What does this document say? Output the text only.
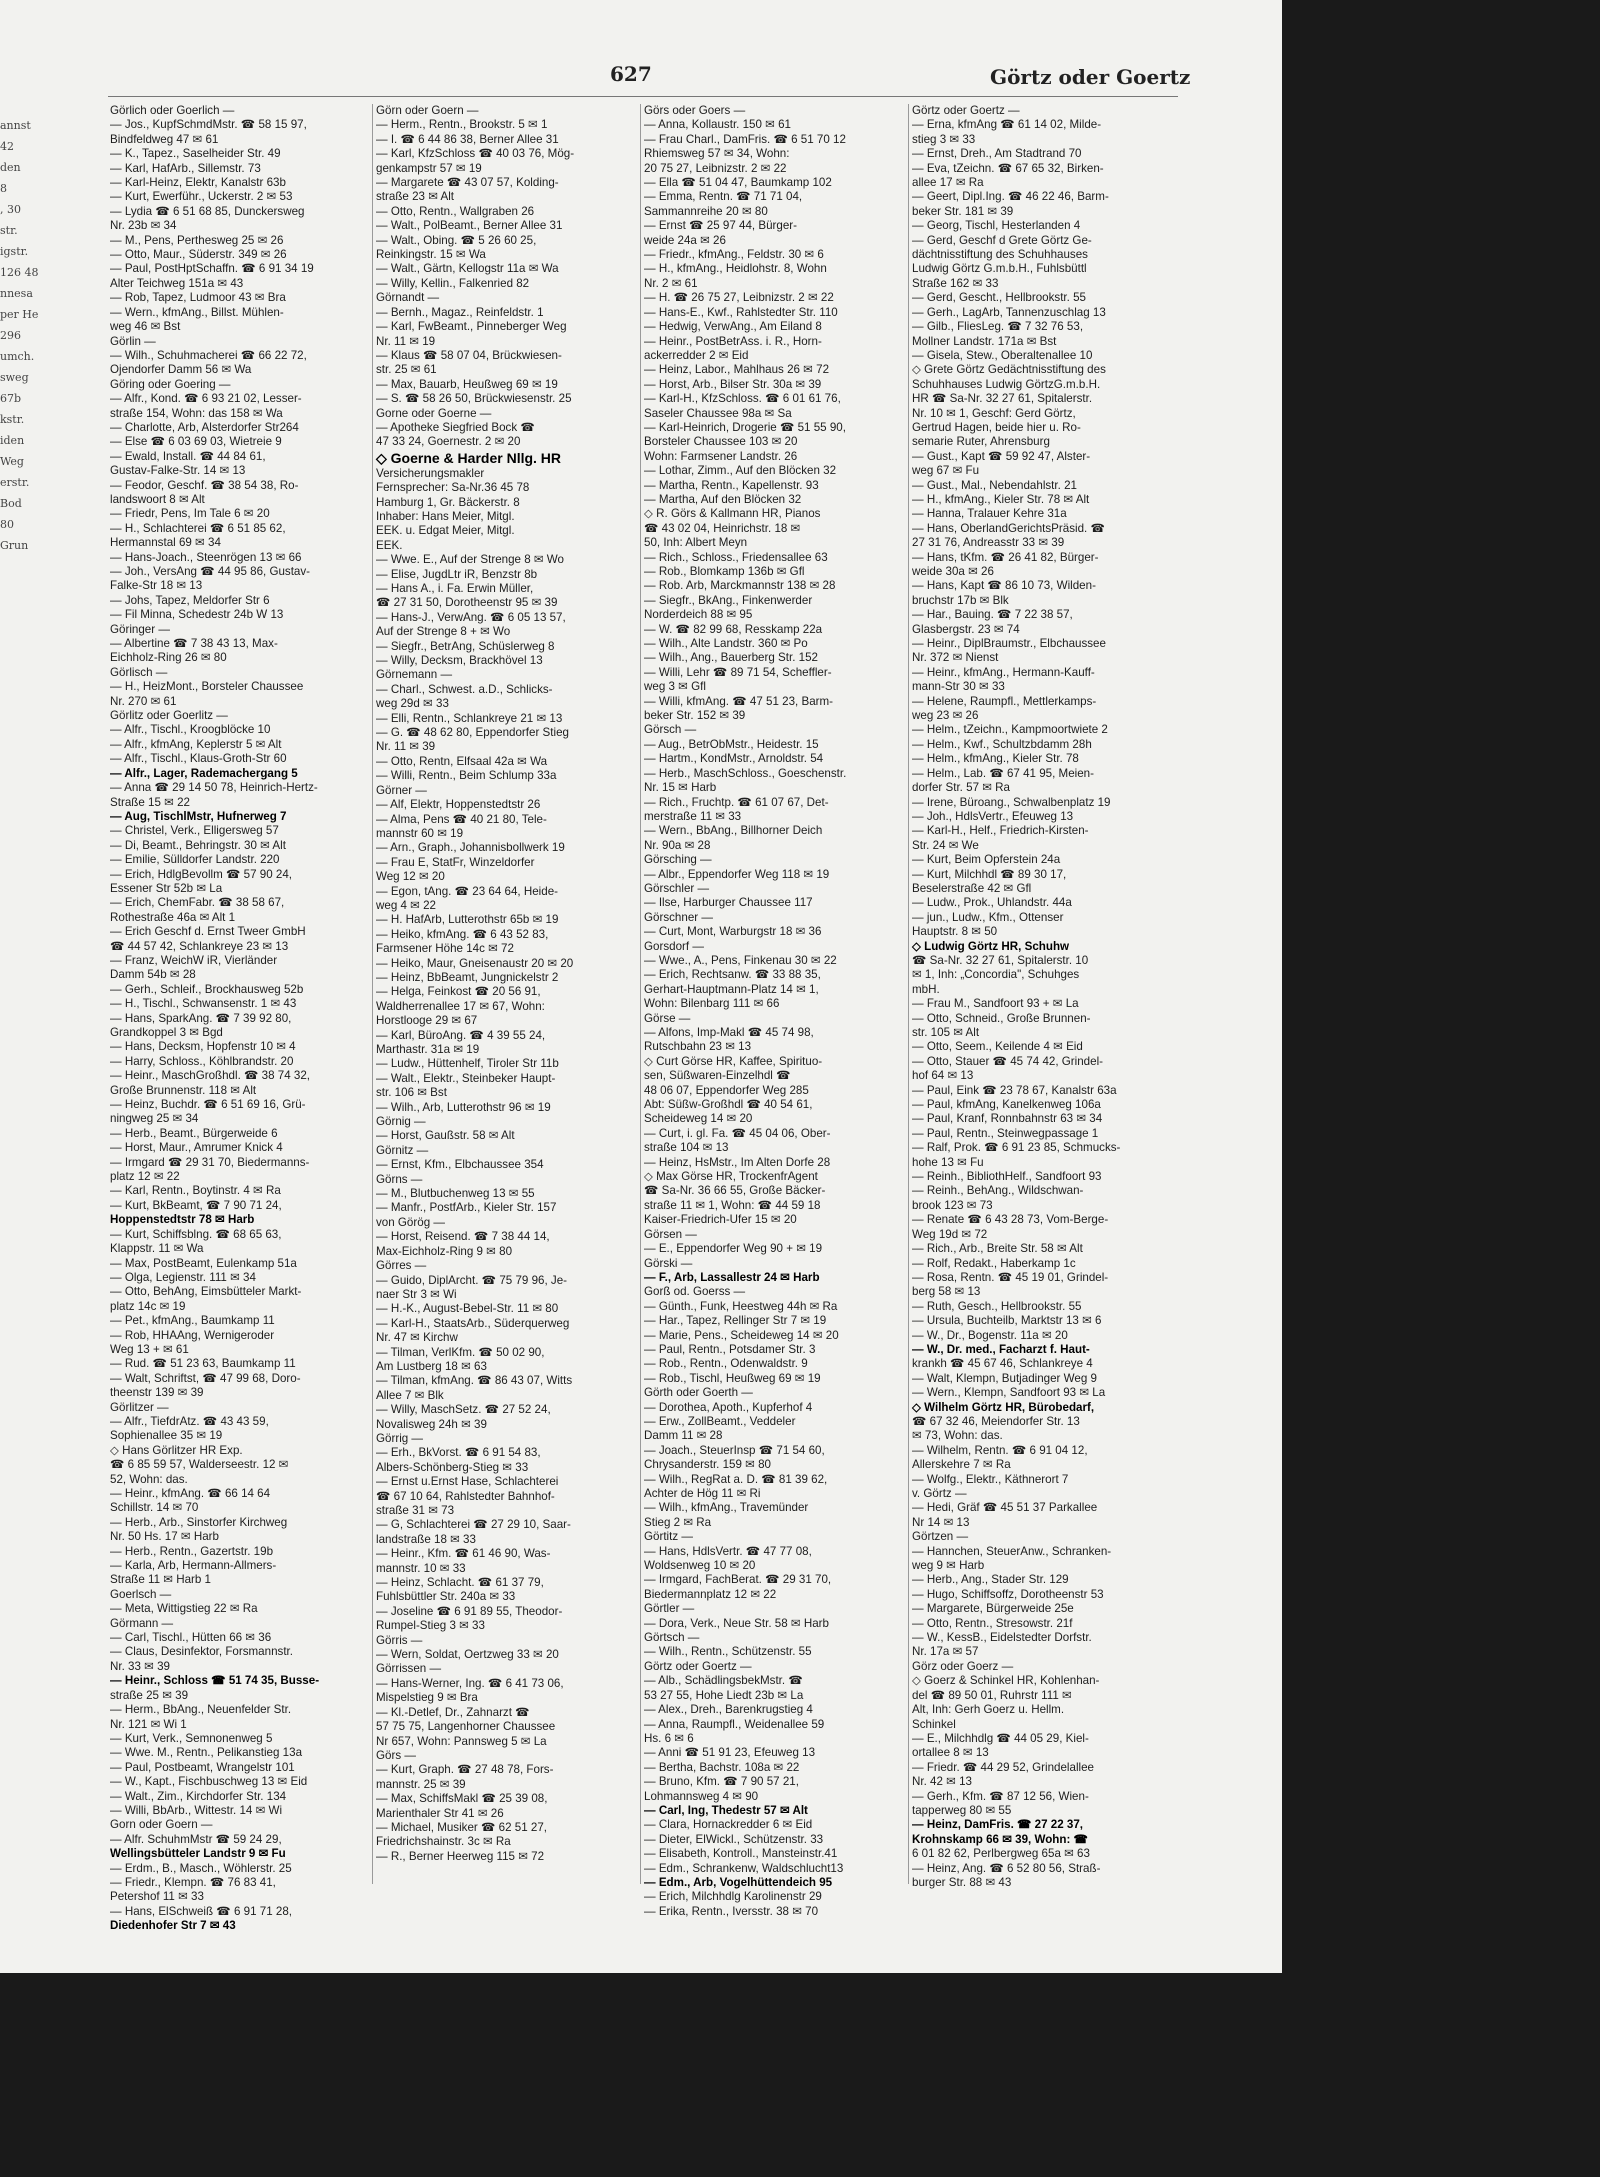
annst
42
den
8
, 30
str.
igstr.
126 48
nnesa
per He
296
umch.
sweg
67b
kstr.
iden
Weg
erstr.
Bod
80
Grun
627	Görtz oder Goertz

Görlich oder Goerlich —

— Jos., KupfSchmdMstr. ☎ 58 15 97,

Bindfeldweg 47 ✉ 61

— K., Tapez., Saselheider Str. 49

— Karl, HafArb., Sillemstr. 73

— Karl-Heinz, Elektr, Kanalstr 63b

— Kurt, Ewerführ., Uckerstr. 2 ✉ 53

— Lydia ☎ 6 51 68 85, Dunckersweg

Nr. 23b ✉ 34

— M., Pens, Perthesweg 25 ✉ 26

— Otto, Maur., Süderstr. 349 ✉ 26

— Paul, PostHptSchaffn. ☎ 6 91 34 19

Alter Teichweg 151a ✉ 43

— Rob, Tapez, Ludmoor 43 ✉ Bra

— Wern., kfmAng., Billst. Mühlen-

weg 46 ✉ Bst

Görlin —

— Wilh., Schuhmacherei ☎ 66 22 72,

Ojendorfer Damm 56 ✉ Wa

Göring oder Goering —

— Alfr., Kond. ☎ 6 93 21 02, Lesser-

straße 154, Wohn: das 158 ✉ Wa

— Charlotte, Arb, Alsterdorfer Str264

— Else ☎ 6 03 69 03, Wietreie 9

— Ewald, Install. ☎ 44 84 61,

Gustav-Falke-Str. 14 ✉ 13

— Feodor, Geschf. ☎ 38 54 38, Ro-

landswoort 8 ✉ Alt

— Friedr, Pens, Im Tale 6 ✉ 20

— H., Schlachterei ☎ 6 51 85 62,

Hermannstal 69 ✉ 34

— Hans-Joach., Steenrögen 13 ✉ 66

— Joh., VersAng ☎ 44 95 86, Gustav-

Falke-Str 18 ✉ 13

— Johs, Tapez, Meldorfer Str 6

— Fil Minna, Schedestr 24b W 13

Göringer —

— Albertine ☎ 7 38 43 13, Max-

Eichholz-Ring 26 ✉ 80

Görlisch —

— H., HeizMont., Borsteler Chaussee

Nr. 270 ✉ 61

Görlitz oder Goerlitz —

— Alfr., Tischl., Kroogblöcke 10

— Alfr., kfmAng, Keplerstr 5 ✉ Alt

— Alfr., Tischl., Klaus-Groth-Str 60

— Alfr., Lager, Rademachergang 5

— Anna ☎ 29 14 50 78, Heinrich-Hertz-

Straße 15 ✉ 22

— Aug, TischlMstr, Hufnerweg 7

— Christel, Verk., Elligersweg 57

— Di, Beamt., Behringstr. 30 ✉ Alt

— Emilie, Sülldorfer Landstr. 220

— Erich, HdlgBevollm ☎ 57 90 24,

Essener Str 52b ✉ La

— Erich, ChemFabr. ☎ 38 58 67,

Rothestraße 46a ✉ Alt 1

— Erich Geschf d. Ernst Tweer GmbH

☎ 44 57 42, Schlankreye 23 ✉ 13

— Franz, WeichW iR, Vierländer

Damm 54b ✉ 28

— Gerh., Schleif., Brockhausweg 52b

— H., Tischl., Schwansenstr. 1 ✉ 43

— Hans, SparkAng. ☎ 7 39 92 80,

Grandkoppel 3 ✉ Bgd

— Hans, Decksm, Hopfenstr 10 ✉ 4

— Harry, Schloss., Köhlbrandstr. 20

— Heinr., MaschGroßhdl. ☎ 38 74 32,

Große Brunnenstr. 118 ✉ Alt

— Heinz, Buchdr. ☎ 6 51 69 16, Grü-

ningweg 25 ✉ 34

— Herb., Beamt., Bürgerweide 6

— Horst, Maur., Amrumer Knick 4

— Irmgard ☎ 29 31 70, Biedermanns-

platz 12 ✉ 22

— Karl, Rentn., Boytinstr. 4 ✉ Ra

— Kurt, BkBeamt, ☎ 7 90 71 24,

Hoppenstedtstr 78 ✉ Harb

— Kurt, Schiffsblng. ☎ 68 65 63,

Klappstr. 11 ✉ Wa

— Max, PostBeamt, Eulenkamp 51a

— Olga, Legienstr. 111 ✉ 34

— Otto, BehAng, Eimsbütteler Markt-

platz 14c ✉ 19

— Pet., kfmAng., Baumkamp 11

— Rob, HHAAng, Wernigeroder

Weg 13 + ✉ 61

— Rud. ☎ 51 23 63, Baumkamp 11

— Walt, Schriftst, ☎ 47 99 68, Doro-

theenstr 139 ✉ 39

Görlitzer —

— Alfr., TiefdrAtz. ☎ 43 43 59,

Sophienallee 35 ✉ 19

◇ Hans Görlitzer HR Exp.

☎ 6 85 59 57, Walderseestr. 12 ✉

52, Wohn: das.

— Heinr., kfmAng. ☎ 66 14 64

Schillstr. 14 ✉ 70

— Herb., Arb., Sinstorfer Kirchweg

Nr. 50 Hs. 17 ✉ Harb

— Herb., Rentn., Gazertstr. 19b

— Karla, Arb, Hermann-Allmers-

Straße 11 ✉ Harb 1

Goerlsch —

— Meta, Wittigstieg 22 ✉ Ra

Görmann —

— Carl, Tischl., Hütten 66 ✉ 36

— Claus, Desinfektor, Forsmannstr.

Nr. 33 ✉ 39

— Heinr., Schloss ☎ 51 74 35, Busse-

straße 25 ✉ 39

— Herm., BbAng., Neuenfelder Str.

Nr. 121 ✉ Wi 1

— Kurt, Verk., Semnonenweg 5

— Wwe. M., Rentn., Pelikanstieg 13a

— Paul, Postbeamt, Wrangelstr 101

— W., Kapt., Fischbuschweg 13 ✉ Eid

— Walt., Zim., Kirchdorfer Str. 134

— Willi, BbArb., Wittestr. 14 ✉ Wi

Gorn oder Goern —

— Alfr. SchuhmMstr ☎ 59 24 29,

Wellingsbütteler Landstr 9 ✉ Fu

— Erdm., B., Masch., Wöhlerstr. 25

— Friedr., Klempn. ☎ 76 83 41,

Petershof 11 ✉ 33

— Hans, ElSchweiß ☎ 6 91 71 28,

Diedenhofer Str 7 ✉ 43

Görn oder Goern —

— Herm., Rentn., Brookstr. 5 ✉ 1

— I. ☎ 6 44 86 38, Berner Allee 31

— Karl, KfzSchloss ☎ 40 03 76, Mög-

genkampstr 57 ✉ 19

— Margarete ☎ 43 07 57, Kolding-

straße 23 ✉ Alt

— Otto, Rentn., Wallgraben 26

— Walt., PolBeamt., Berner Allee 31

— Walt., Obing. ☎ 5 26 60 25,

Reinkingstr. 15 ✉ Wa

— Walt., Gärtn, Kellogstr 11a ✉ Wa

— Willy, Kellin., Falkenried 82

Görnandt —

— Bernh., Magaz., Reinfeldstr. 1

— Karl, FwBeamt., Pinneberger Weg

Nr. 11 ✉ 19

— Klaus ☎ 58 07 04, Brückwiesen-

str. 25 ✉ 61

— Max, Bauarb, Heußweg 69 ✉ 19

— S. ☎ 58 26 50, Brückwiesenstr. 25

Gorne oder Goerne —

— Apotheke Siegfried Bock ☎

47 33 24, Goernestr. 2 ✉ 20

◇ Goerne & Harder Nllg. HR

Versicherungsmakler

Fernsprecher: Sa-Nr.36 45 78

Hamburg 1, Gr. Bäckerstr. 8

Inhaber: Hans Meier, Mitgl.

EEK. u. Edgat Meier, Mitgl.

EEK.

— Wwe. E., Auf der Strenge 8 ✉ Wo

— Elise, JugdLtr iR, Benzstr 8b

— Hans A., i. Fa. Erwin Müller,

☎ 27 31 50, Dorotheenstr 95 ✉ 39

— Hans-J., VerwAng. ☎ 6 05 13 57,

Auf der Strenge 8 + ✉ Wo

— Siegfr., BetrAng, Schüslerweg 8

— Willy, Decksm, Brackhövel 13

Görnemann —

— Charl., Schwest. a.D., Schlicks-

weg 29d ✉ 33

— Elli, Rentn., Schlankreye 21 ✉ 13

— G. ☎ 48 62 80, Eppendorfer Stieg

Nr. 11 ✉ 39

— Otto, Rentn, Elfsaal 42a ✉ Wa

— Willi, Rentn., Beim Schlump 33a

Görner —

— Alf, Elektr, Hoppenstedtstr 26

— Alma, Pens ☎ 40 21 80, Tele-

mannstr 60 ✉ 19

— Arn., Graph., Johannisbollwerk 19

— Frau E, StatFr, Winzeldorfer

Weg 12 ✉ 20

— Egon, tAng. ☎ 23 64 64, Heide-

weg 4 ✉ 22

— H. HafArb, Lutterothstr 65b ✉ 19

— Heiko, kfmAng. ☎ 6 43 52 83,

Farmsener Höhe 14c ✉ 72

— Heiko, Maur, Gneisenaustr 20 ✉ 20

— Heinz, BbBeamt, Jungnickelstr 2

— Helga, Feinkost ☎ 20 56 91,

Waldherrenallee 17 ✉ 67, Wohn:

Horstlooge 29 ✉ 67

— Karl, BüroAng. ☎ 4 39 55 24,

Marthastr. 31a ✉ 19

— Ludw., Hüttenhelf, Tiroler Str 11b

— Walt., Elektr., Steinbeker Haupt-

str. 106 ✉ Bst

— Wilh., Arb, Lutterothstr 96 ✉ 19

Görnig —

— Horst, Gaußstr. 58 ✉ Alt

Görnitz —

— Ernst, Kfm., Elbchaussee 354

Görns —

— M., Blutbuchenweg 13 ✉ 55

— Manfr., PostfArb., Kieler Str. 157

von Görög —

— Horst, Reisend. ☎ 7 38 44 14,

Max-Eichholz-Ring 9 ✉ 80

Görres —

— Guido, DiplArcht. ☎ 75 79 96, Je-

naer Str 3 ✉ Wi

— H.-K., August-Bebel-Str. 11 ✉ 80

— Karl-H., StaatsArb., Süderquerweg

Nr. 47 ✉ Kirchw

— Tilman, VerlKfm. ☎ 50 02 90,

Am Lustberg 18 ✉ 63

— Tilman, kfmAng. ☎ 86 43 07, Witts

Allee 7 ✉ Blk

— Willy, MaschSetz. ☎ 27 52 24,

Novalisweg 24h ✉ 39

Görrig —

— Erh., BkVorst. ☎ 6 91 54 83,

Albers-Schönberg-Stieg ✉ 33

— Ernst u.Ernst Hase, Schlachterei

☎ 67 10 64, Rahlstedter Bahnhof-

straße 31 ✉ 73

— G, Schlachterei ☎ 27 29 10, Saar-

landstraße 18 ✉ 33

— Heinr., Kfm. ☎ 61 46 90, Was-

mannstr. 10 ✉ 33

— Heinz, Schlacht. ☎ 61 37 79,

Fuhlsbüttler Str. 240a ✉ 33

— Joseline ☎ 6 91 89 55, Theodor-

Rumpel-Stieg 3 ✉ 33

Görris —

— Wern, Soldat, Oertzweg 33 ✉ 20

Görrissen —

— Hans-Werner, Ing. ☎ 6 41 73 06,

Mispelstieg 9 ✉ Bra

— Kl.-Detlef, Dr., Zahnarzt ☎

57 75 75, Langenhorner Chaussee

Nr 657, Wohn: Pannsweg 5 ✉ La

Görs —

— Kurt, Graph. ☎ 27 48 78, Fors-

mannstr. 25 ✉ 39

— Max, SchiffsMakl ☎ 25 39 08,

Marienthaler Str 41 ✉ 26

— Michael, Musiker ☎ 62 51 27,

Friedrichshainstr. 3c ✉ Ra

— R., Berner Heerweg 115 ✉ 72

Görs oder Goers —

— Anna, Kollaustr. 150 ✉ 61

— Frau Charl., DamFris. ☎ 6 51 70 12

Rhiemsweg 57 ✉ 34, Wohn:

20 75 27, Leibnizstr. 2 ✉ 22

— Ella ☎ 51 04 47, Baumkamp 102

— Emma, Rentn. ☎ 71 71 04,

Sammannreihe 20 ✉ 80

— Ernst ☎ 25 97 44, Bürger-

weide 24a ✉ 26

— Friedr., kfmAng., Feldstr. 30 ✉ 6

— H., kfmAng., Heidlohstr. 8, Wohn

Nr. 2 ✉ 61

— H. ☎ 26 75 27, Leibnizstr. 2 ✉ 22

— Hans-E., Kwf., Rahlstedter Str. 110

— Hedwig, VerwAng., Am Eiland 8

— Heinr., PostBetrAss. i. R., Horn-

ackerredder 2 ✉ Eid

— Heinz, Labor., Mahlhaus 26 ✉ 72

— Horst, Arb., Bilser Str. 30a ✉ 39

— Karl-H., KfzSchloss. ☎ 6 01 61 76,

Saseler Chaussee 98a ✉ Sa

— Karl-Heinrich, Drogerie ☎ 51 55 90,

Borsteler Chaussee 103 ✉ 20

Wohn: Farmsener Landstr. 26

— Lothar, Zimm., Auf den Blöcken 32

— Martha, Rentn., Kapellenstr. 93

— Martha, Auf den Blöcken 32

◇ R. Görs & Kallmann HR, Pianos

☎ 43 02 04, Heinrichstr. 18 ✉

50, Inh: Albert Meyn

— Rich., Schloss., Friedensallee 63

— Rob., Blomkamp 136b ✉ Gfl

— Rob. Arb, Marckmannstr 138 ✉ 28

— Siegfr., BkAng., Finkenwerder

Norderdeich 88 ✉ 95

— W. ☎ 82 99 68, Resskamp 22a

— Wilh., Alte Landstr. 360 ✉ Po

— Wilh., Ang., Bauerberg Str. 152

— Willi, Lehr ☎ 89 71 54, Scheffler-

weg 3 ✉ Gfl

— Willi, kfmAng. ☎ 47 51 23, Barm-

beker Str. 152 ✉ 39

Görsch —

— Aug., BetrObMstr., Heidestr. 15

— Hartm., KondMstr., Arnoldstr. 54

— Herb., MaschSchloss., Goeschenstr.

Nr. 15 ✉ Harb

— Rich., Fruchtp. ☎ 61 07 67, Det-

merstraße 11 ✉ 33

— Wern., BbAng., Billhorner Deich

Nr. 90a ✉ 28

Görsching —

— Albr., Eppendorfer Weg 118 ✉ 19

Görschler —

— Ilse, Harburger Chaussee 117

Görschner —

— Curt, Mont, Warburgstr 18 ✉ 36

Gorsdorf —

— Wwe., A., Pens, Finkenau 30 ✉ 22

— Erich, Rechtsanw. ☎ 33 88 35,

Gerhart-Hauptmann-Platz 14 ✉ 1,

Wohn: Bilenbarg 111 ✉ 66

Görse —

— Alfons, Imp-Makl ☎ 45 74 98,

Rutschbahn 23 ✉ 13

◇ Curt Görse HR, Kaffee, Spirituo-

sen, Süßwaren-Einzelhdl ☎

48 06 07, Eppendorfer Weg 285

Abt: Süßw-Großhdl ☎ 40 54 61,

Scheideweg 14 ✉ 20

— Curt, i. gl. Fa. ☎ 45 04 06, Ober-

straße 104 ✉ 13

— Heinz, HsMstr., Im Alten Dorfe 28

◇ Max Görse HR, TrockenfrAgent

☎ Sa-Nr. 36 66 55, Große Bäcker-

straße 11 ✉ 1, Wohn: ☎ 44 59 18

Kaiser-Friedrich-Ufer 15 ✉ 20

Görsen —

— E., Eppendorfer Weg 90 + ✉ 19

Görski —

— F., Arb, Lassallestr 24 ✉ Harb

Gorß od. Goerss —

— Günth., Funk, Heestweg 44h ✉ Ra

— Har., Tapez, Rellinger Str 7 ✉ 19

— Marie, Pens., Scheideweg 14 ✉ 20

— Paul, Rentn., Potsdamer Str. 3

— Rob., Rentn., Odenwaldstr. 9

— Rob., Tischl, Heußweg 69 ✉ 19

Görth oder Goerth —

— Dorothea, Apoth., Kupferhof 4

— Erw., ZollBeamt., Veddeler

Damm 11 ✉ 28

— Joach., SteuerInsp ☎ 71 54 60,

Chrysanderstr. 159 ✉ 80

— Wilh., RegRat a. D. ☎ 81 39 62,

Achter de Hög 11 ✉ Ri

— Wilh., kfmAng., Travemünder

Stieg 2 ✉ Ra

Görtitz —

— Hans, HdlsVertr. ☎ 47 77 08,

Woldsenweg 10 ✉ 20

— Irmgard, FachBerat. ☎ 29 31 70,

Biedermannplatz 12 ✉ 22

Görtler —

— Dora, Verk., Neue Str. 58 ✉ Harb

Görtsch —

— Wilh., Rentn., Schützenstr. 55

Görtz oder Goertz —

— Alb., SchädlingsbekMstr. ☎

53 27 55, Hohe Liedt 23b ✉ La

— Alex., Dreh., Barenkrugstieg 4

— Anna, Raumpfl., Weidenallee 59

Hs. 6 ✉ 6

— Anni ☎ 51 91 23, Efeuweg 13

— Bertha, Bachstr. 108a ✉ 22

— Bruno, Kfm. ☎ 7 90 57 21,

Lohmannsweg 4 ✉ 90

— Carl, Ing, Thedestr 57 ✉ Alt

— Clara, Hornackredder 6 ✉ Eid

— Dieter, ElWickl., Schützenstr. 33

— Elisabeth, Kontroll., Mansteinstr.41

— Edm., Schrankenw, Waldschlucht13

— Edm., Arb, Vogelhüttendeich 95

— Erich, Milchhdlg Karolinenstr 29

— Erika, Rentn., Iversstr. 38 ✉ 70

Görtz oder Goertz —

— Erna, kfmAng ☎ 61 14 02, Milde-

stieg 3 ✉ 33

— Ernst, Dreh., Am Stadtrand 70

— Eva, tZeichn. ☎ 67 65 32, Birken-

allee 17 ✉ Ra

— Geert, Dipl.Ing. ☎ 46 22 46, Barm-

beker Str. 181 ✉ 39

— Georg, Tischl, Hesterlanden 4

— Gerd, Geschf d Grete Görtz Ge-

dächtnisstiftung des Schuhhauses

Ludwig Görtz G.m.b.H., Fuhlsbüttl

Straße 162 ✉ 33

— Gerd, Gescht., Hellbrookstr. 55

— Gerh., LagArb, Tannenzuschlag 13

— Gilb., FliesLeg. ☎ 7 32 76 53,

Mollner Landstr. 171a ✉ Bst

— Gisela, Stew., Oberaltenallee 10

◇ Grete Görtz Gedächtnisstiftung des

Schuhhauses Ludwig GörtzG.m.b.H.

HR ☎ Sa-Nr. 32 27 61, Spitalerstr.

Nr. 10 ✉ 1, Geschf: Gerd Görtz,

Gertrud Hagen, beide hier u. Ro-

semarie Ruter, Ahrensburg

— Gust., Kapt ☎ 59 92 47, Alster-

weg 67 ✉ Fu

— Gust., Mal., Nebendahlstr. 21

— H., kfmAng., Kieler Str. 78 ✉ Alt

— Hanna, Tralauer Kehre 31a

— Hans, OberlandGerichtsPräsid. ☎

27 31 76, Andreasstr 33 ✉ 39

— Hans, tKfm. ☎ 26 41 82, Bürger-

weide 30a ✉ 26

— Hans, Kapt ☎ 86 10 73, Wilden-

bruchstr 17b ✉ Blk

— Har., Bauing. ☎ 7 22 38 57,

Glasbergstr. 23 ✉ 74

— Heinr., DiplBraumstr., Elbchaussee

Nr. 372 ✉ Nienst

— Heinr., kfmAng., Hermann-Kauff-

mann-Str 30 ✉ 33

— Helene, Raumpfl., Mettlerkamps-

weg 23 ✉ 26

— Helm., tZeichn., Kampmoortwiete 2

— Helm., Kwf., Schultzbdamm 28h

— Helm., kfmAng., Kieler Str. 78

— Helm., Lab. ☎ 67 41 95, Meien-

dorfer Str. 57 ✉ Ra

— Irene, Büroang., Schwalbenplatz 19

— Joh., HdlsVertr., Efeuweg 13

— Karl-H., Helf., Friedrich-Kirsten-

Str. 24 ✉ We

— Kurt, Beim Opferstein 24a

— Kurt, Milchhdl ☎ 89 30 17,

Beselerstraße 42 ✉ Gfl

— Ludw., Prok., Uhlandstr. 44a

— jun., Ludw., Kfm., Ottenser

Hauptstr. 8 ✉ 50

◇ Ludwig Görtz HR, Schuhw

☎ Sa-Nr. 32 27 61, Spitalerstr. 10

✉ 1, Inh: „Concordia", Schuhges

mbH.

— Frau M., Sandfoort 93 + ✉ La

— Otto, Schneid., Große Brunnen-

str. 105 ✉ Alt

— Otto, Seem., Keilende 4 ✉ Eid

— Otto, Stauer ☎ 45 74 42, Grindel-

hof 64 ✉ 13

— Paul, Eink ☎ 23 78 67, Kanalstr 63a

— Paul, kfmAng, Kanelkenweg 106a

— Paul, Kranf, Ronnbahnstr 63 ✉ 34

— Paul, Rentn., Steinwegpassage 1

— Ralf, Prok. ☎ 6 91 23 85, Schmucks-

hohe 13 ✉ Fu

— Reinh., BibliothHelf., Sandfoort 93

— Reinh., BehAng., Wildschwan-

brook 123 ✉ 73

— Renate ☎ 6 43 28 73, Vom-Berge-

Weg 19d ✉ 72

— Rich., Arb., Breite Str. 58 ✉ Alt

— Rolf, Redakt., Haberkamp 1c

— Rosa, Rentn. ☎ 45 19 01, Grindel-

berg 58 ✉ 13

— Ruth, Gesch., Hellbrookstr. 55

— Ursula, Buchteilb, Marktstr 13 ✉ 6

— W., Dr., Bogenstr. 11a ✉ 20

— W., Dr. med., Facharzt f. Haut-

krankh ☎ 45 67 46, Schlankreye 4

— Walt, Klempn, Butjadinger Weg 9

— Wern., Klempn, Sandfoort 93 ✉ La

◇ Wilhelm Görtz HR, Bürobedarf,

☎ 67 32 46, Meiendorfer Str. 13

✉ 73, Wohn: das.

— Wilhelm, Rentn. ☎ 6 91 04 12,

Allerskehre 7 ✉ Ra

— Wolfg., Elektr., Käthnerort 7

v. Görtz —

— Hedi, Gräf ☎ 45 51 37 Parkallee

Nr 14 ✉ 13

Görtzen —

— Hannchen, SteuerAnw., Schranken-

weg 9 ✉ Harb

— Herb., Ang., Stader Str. 129

— Hugo, Schiffsoffz, Dorotheenstr 53

— Margarete, Bürgerweide 25e

— Otto, Rentn., Stresowstr. 21f

— W., KessB., Eidelstedter Dorfstr.

Nr. 17a ✉ 57

Görz oder Goerz —

◇ Goerz & Schinkel HR, Kohlenhan-

del ☎ 89 50 01, Ruhrstr 111 ✉

Alt, Inh: Gerh Goerz u. Hellm.

Schinkel

— E., Milchhdlg ☎ 44 05 29, Kiel-

ortallee 8 ✉ 13

— Friedr. ☎ 44 29 52, Grindelallee

Nr. 42 ✉ 13

— Gerh., Kfm. ☎ 87 12 56, Wien-

tapperweg 80 ✉ 55

— Heinz, DamFris. ☎ 27 22 37,

Krohnskamp 66 ✉ 39, Wohn: ☎

6 01 82 62, Perlbergweg 65a ✉ 63

— Heinz, Ang. ☎ 6 52 80 56, Straß-

burger Str. 88 ✉ 43
